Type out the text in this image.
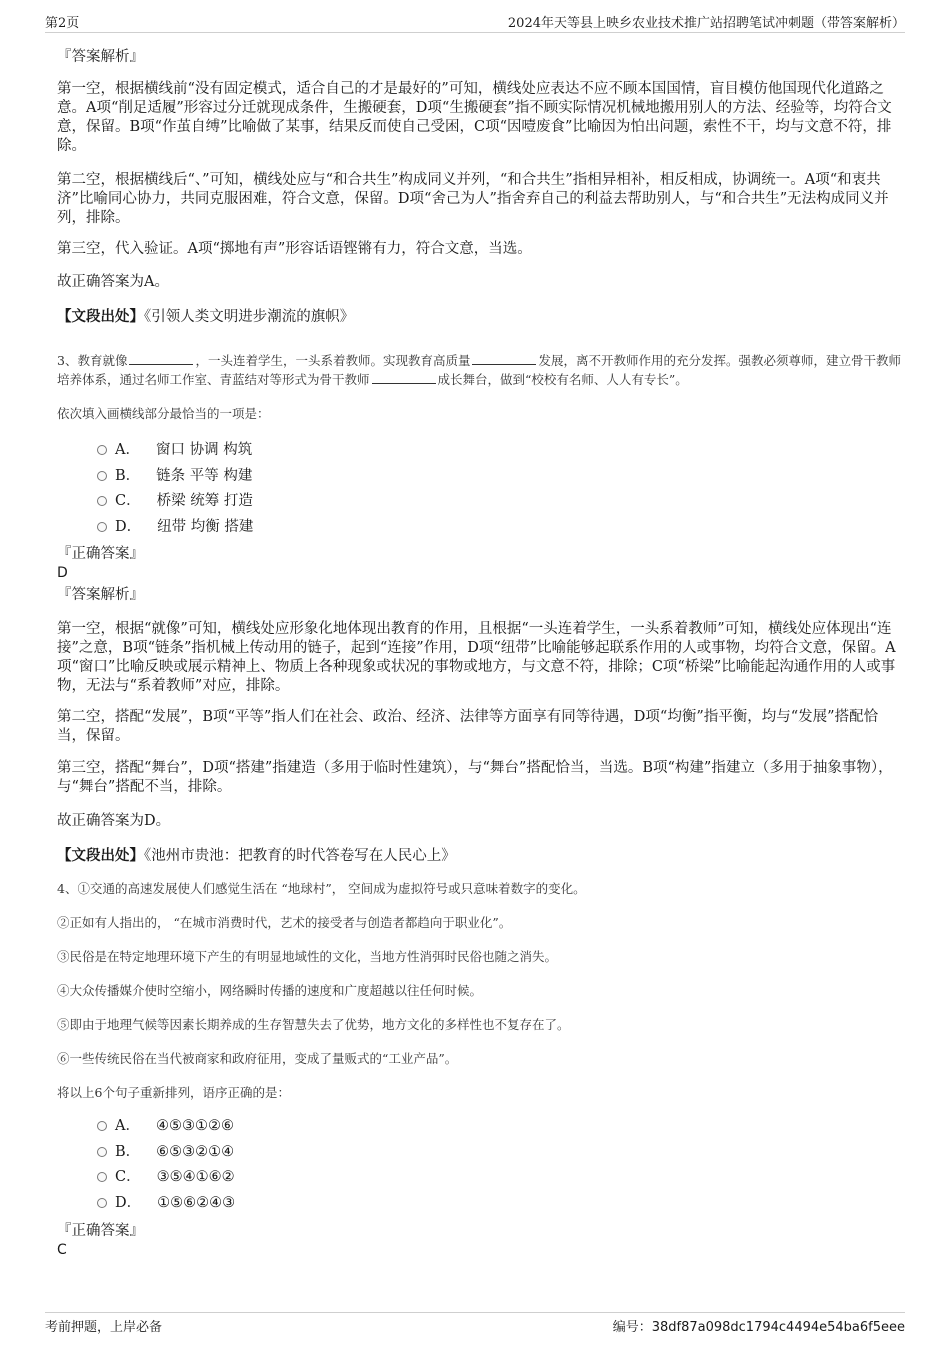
第2页	2024年天等县上映乡农业技术推广站招聘笔试冲刺题（带答案解析）
『答案解析』
第一空，根据横线前“没有固定模式，适合自己的才是最好的”可知，横线处应表达不应不顾本国国情，盲目模仿他国现代化道路之意。A项“削足适履”形容过分迁就现成条件，生搬硬套，D项“生搬硬套”指不顾实际情况机械地搬用别人的方法、经验等，均符合文意，保留。B项“作茧自缚”比喻做了某事，结果反而使自己受困，C项“因噎废食”比喻因为怕出问题，索性不干，均与文意不符，排除。
第二空，根据横线后“、”可知，横线处应与“和合共生”构成同义并列，“和合共生”指相异相补，相反相成，协调统一。A项“和衷共济”比喻同心协力，共同克服困难，符合文意，保留。D项“舍己为人”指舍弃自己的利益去帮助别人，与“和合共生”无法构成同义并列，排除。
第三空，代入验证。A项“掷地有声”形容话语铿锵有力，符合文意，当选。
故正确答案为A。
【文段出处】《引领人类文明进步潮流的旗帜》
3、教育就像	，一头连着学生，一头系着教师。实现教育高质量	发展，离不开教师作用的充分发挥。强教必须尊师，建立骨干教师培养体系，通过名师工作室、青蓝结对等形式为骨干教师	成长舞台，做到“校校有名师、人人有专长”。
依次填入画横线部分最恰当的一项是：
A． 窗口 协调 构筑
B． 链条 平等 构建
C． 桥梁 统筹 打造
D． 纽带 均衡 搭建
『正确答案』
D
『答案解析』
第一空，根据“就像”可知，横线处应形象化地体现出教育的作用，且根据“一头连着学生，一头系着教师”可知，横线处应体现出“连接”之意，B项“链条”指机械上传动用的链子，起到“连接”作用，D项“纽带”比喻能够起联系作用的人或事物，均符合文意，保留。A项“窗口”比喻反映或展示精神上、物质上各种现象或状况的事物或地方，与文意不符，排除；C项“桥梁”比喻能起沟通作用的人或事物，无法与“系着教师”对应，排除。
第二空，搭配“发展”，B项“平等”指人们在社会、政治、经济、法律等方面享有同等待遇，D项“均衡”指平衡，均与“发展”搭配恰当，保留。
第三空，搭配“舞台”，D项“搭建”指建造（多用于临时性建筑），与“舞台”搭配恰当，当选。B项“构建”指建立（多用于抽象事物），与“舞台”搭配不当，排除。
故正确答案为D。
【文段出处】《池州市贵池：把教育的时代答卷写在人民心上》
4、①交通的高速发展使人们感觉生活在 “地球村”， 空间成为虚拟符号或只意味着数字的变化。
②正如有人指出的， “在城市消费时代，艺术的接受者与创造者都趋向于职业化”。
③民俗是在特定地理环境下产生的有明显地域性的文化，当地方性消弭时民俗也随之消失。
④大众传播媒介使时空缩小，网络瞬时传播的速度和广度超越以往任何时候。
⑤即由于地理气候等因素长期养成的生存智慧失去了优势，地方文化的多样性也不复存在了。
⑥一些传统民俗在当代被商家和政府征用，变成了量贩式的“工业产品”。
将以上6个句子重新排列，语序正确的是：
A． ④⑤③①②⑥
B． ⑥⑤③②①④
C． ③⑤④①⑥②
D． ①⑤⑥②④③
『正确答案』
C
考前押题，上岸必备	编号：38df87a098dc1794c4494e54ba6f5eee
